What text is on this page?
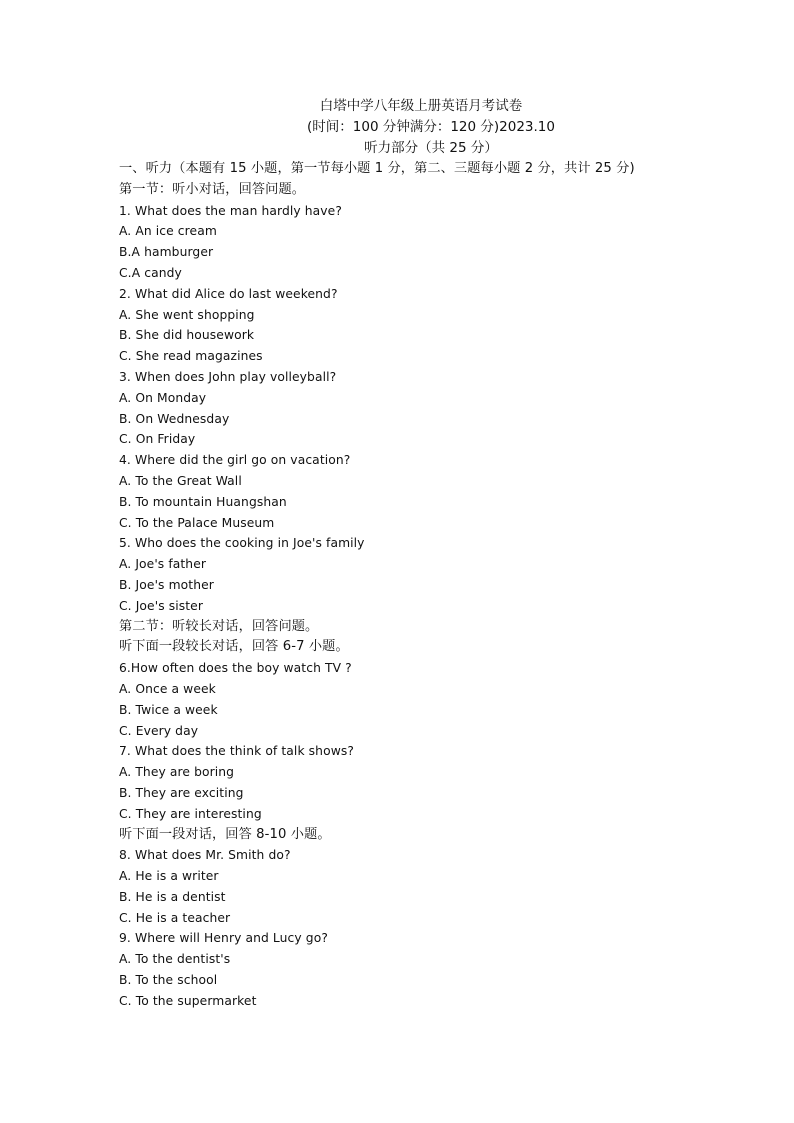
白塔中学八年级上册英语月考试卷
(时间：100 分钟满分：120 分)2023.10
听力部分（共 25 分）
一、听力（本题有 15 小题，第一节每小题 1 分，第二、三题每小题 2 分，共计 25 分)
第一节：听小对话，回答问题。
1. What does the man hardly have?
A. An ice cream
B.A hamburger
C.A candy
2. What did Alice do last weekend?
A. She went shopping
B. She did housework
C. She read magazines
3. When does John play volleyball?
A. On Monday
B. On Wednesday
C. On Friday
4. Where did the girl go on vacation?
A. To the Great Wall
B. To mountain Huangshan
C. To the Palace Museum
5. Who does the cooking in Joe's family
A. Joe's father
B. Joe's mother
C. Joe's sister
第二节：听较长对话，回答问题。
听下面一段较长对话，回答 6-7 小题。
6.How often does the boy watch TV ?
A. Once a week
B. Twice a week
C. Every day
7. What does the think of talk shows?
A. They are boring
B. They are exciting
C. They are interesting
听下面一段对话，回答 8-10 小题。
8. What does Mr. Smith do?
A. He is a writer
B. He is a dentist
C. He is a teacher
9. Where will Henry and Lucy go?
A. To the dentist's
B. To the school
C. To the supermarket
